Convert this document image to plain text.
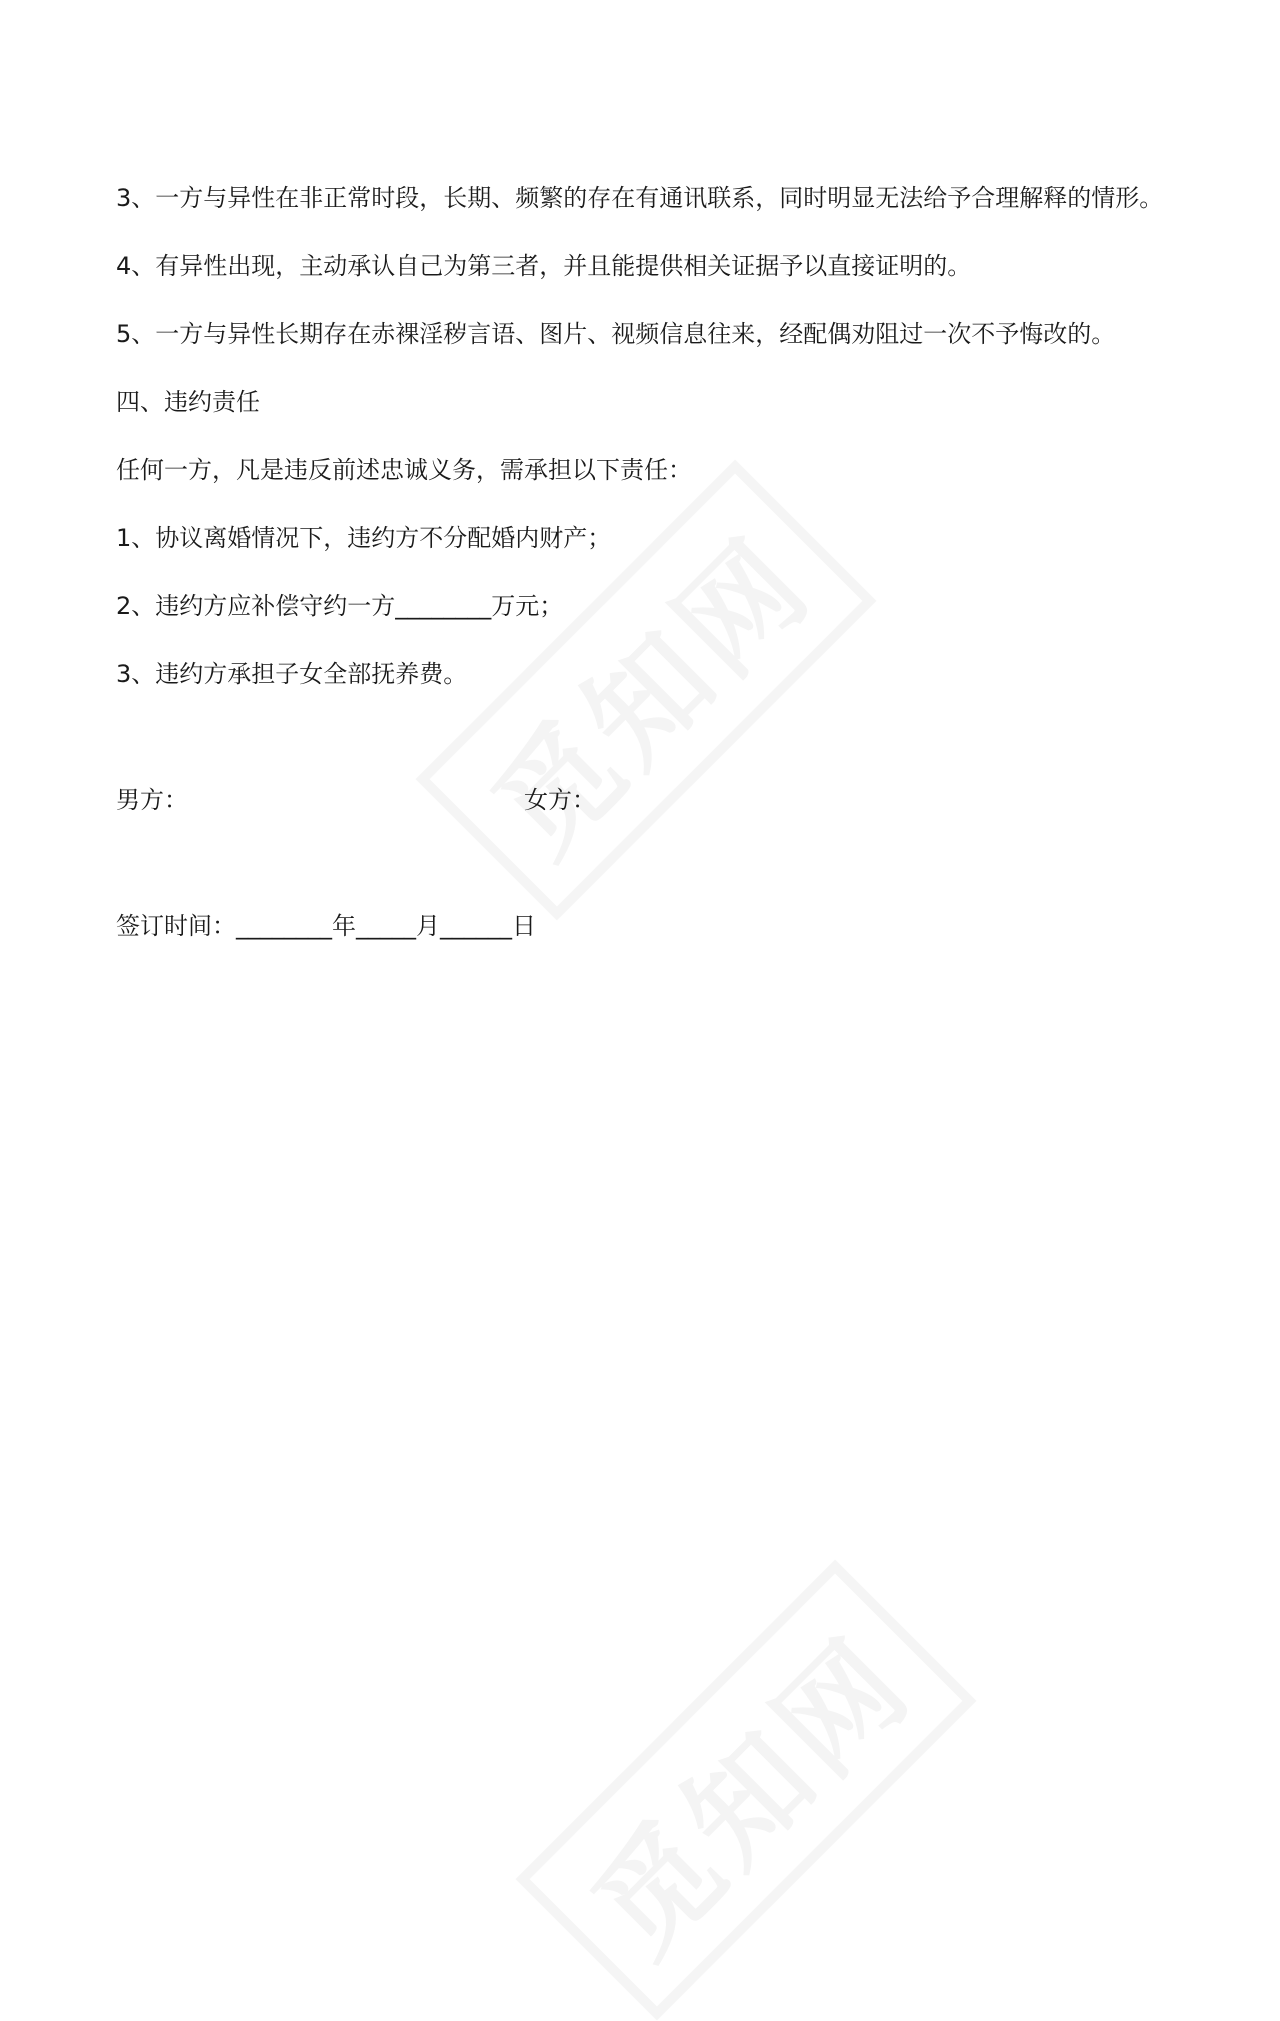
3、一方与异性在非正常时段，长期、频繁的存在有通讯联系，同时明显无法给予合理解释的情形。

4、有异性出现，主动承认自己为第三者，并且能提供相关证据予以直接证明的。

5、一方与异性长期存在赤裸淫秽言语、图片、视频信息往来，经配偶劝阻过一次不予悔改的。

四、违约责任

任何一方，凡是违反前述忠诚义务，需承担以下责任：

1、协议离婚情况下，违约方不分配婚内财产；

2、违约方应补偿守约一方________万元；

3、违约方承担子女全部抚养费。

男方：	女方：

签订时间：________年_____月______日
